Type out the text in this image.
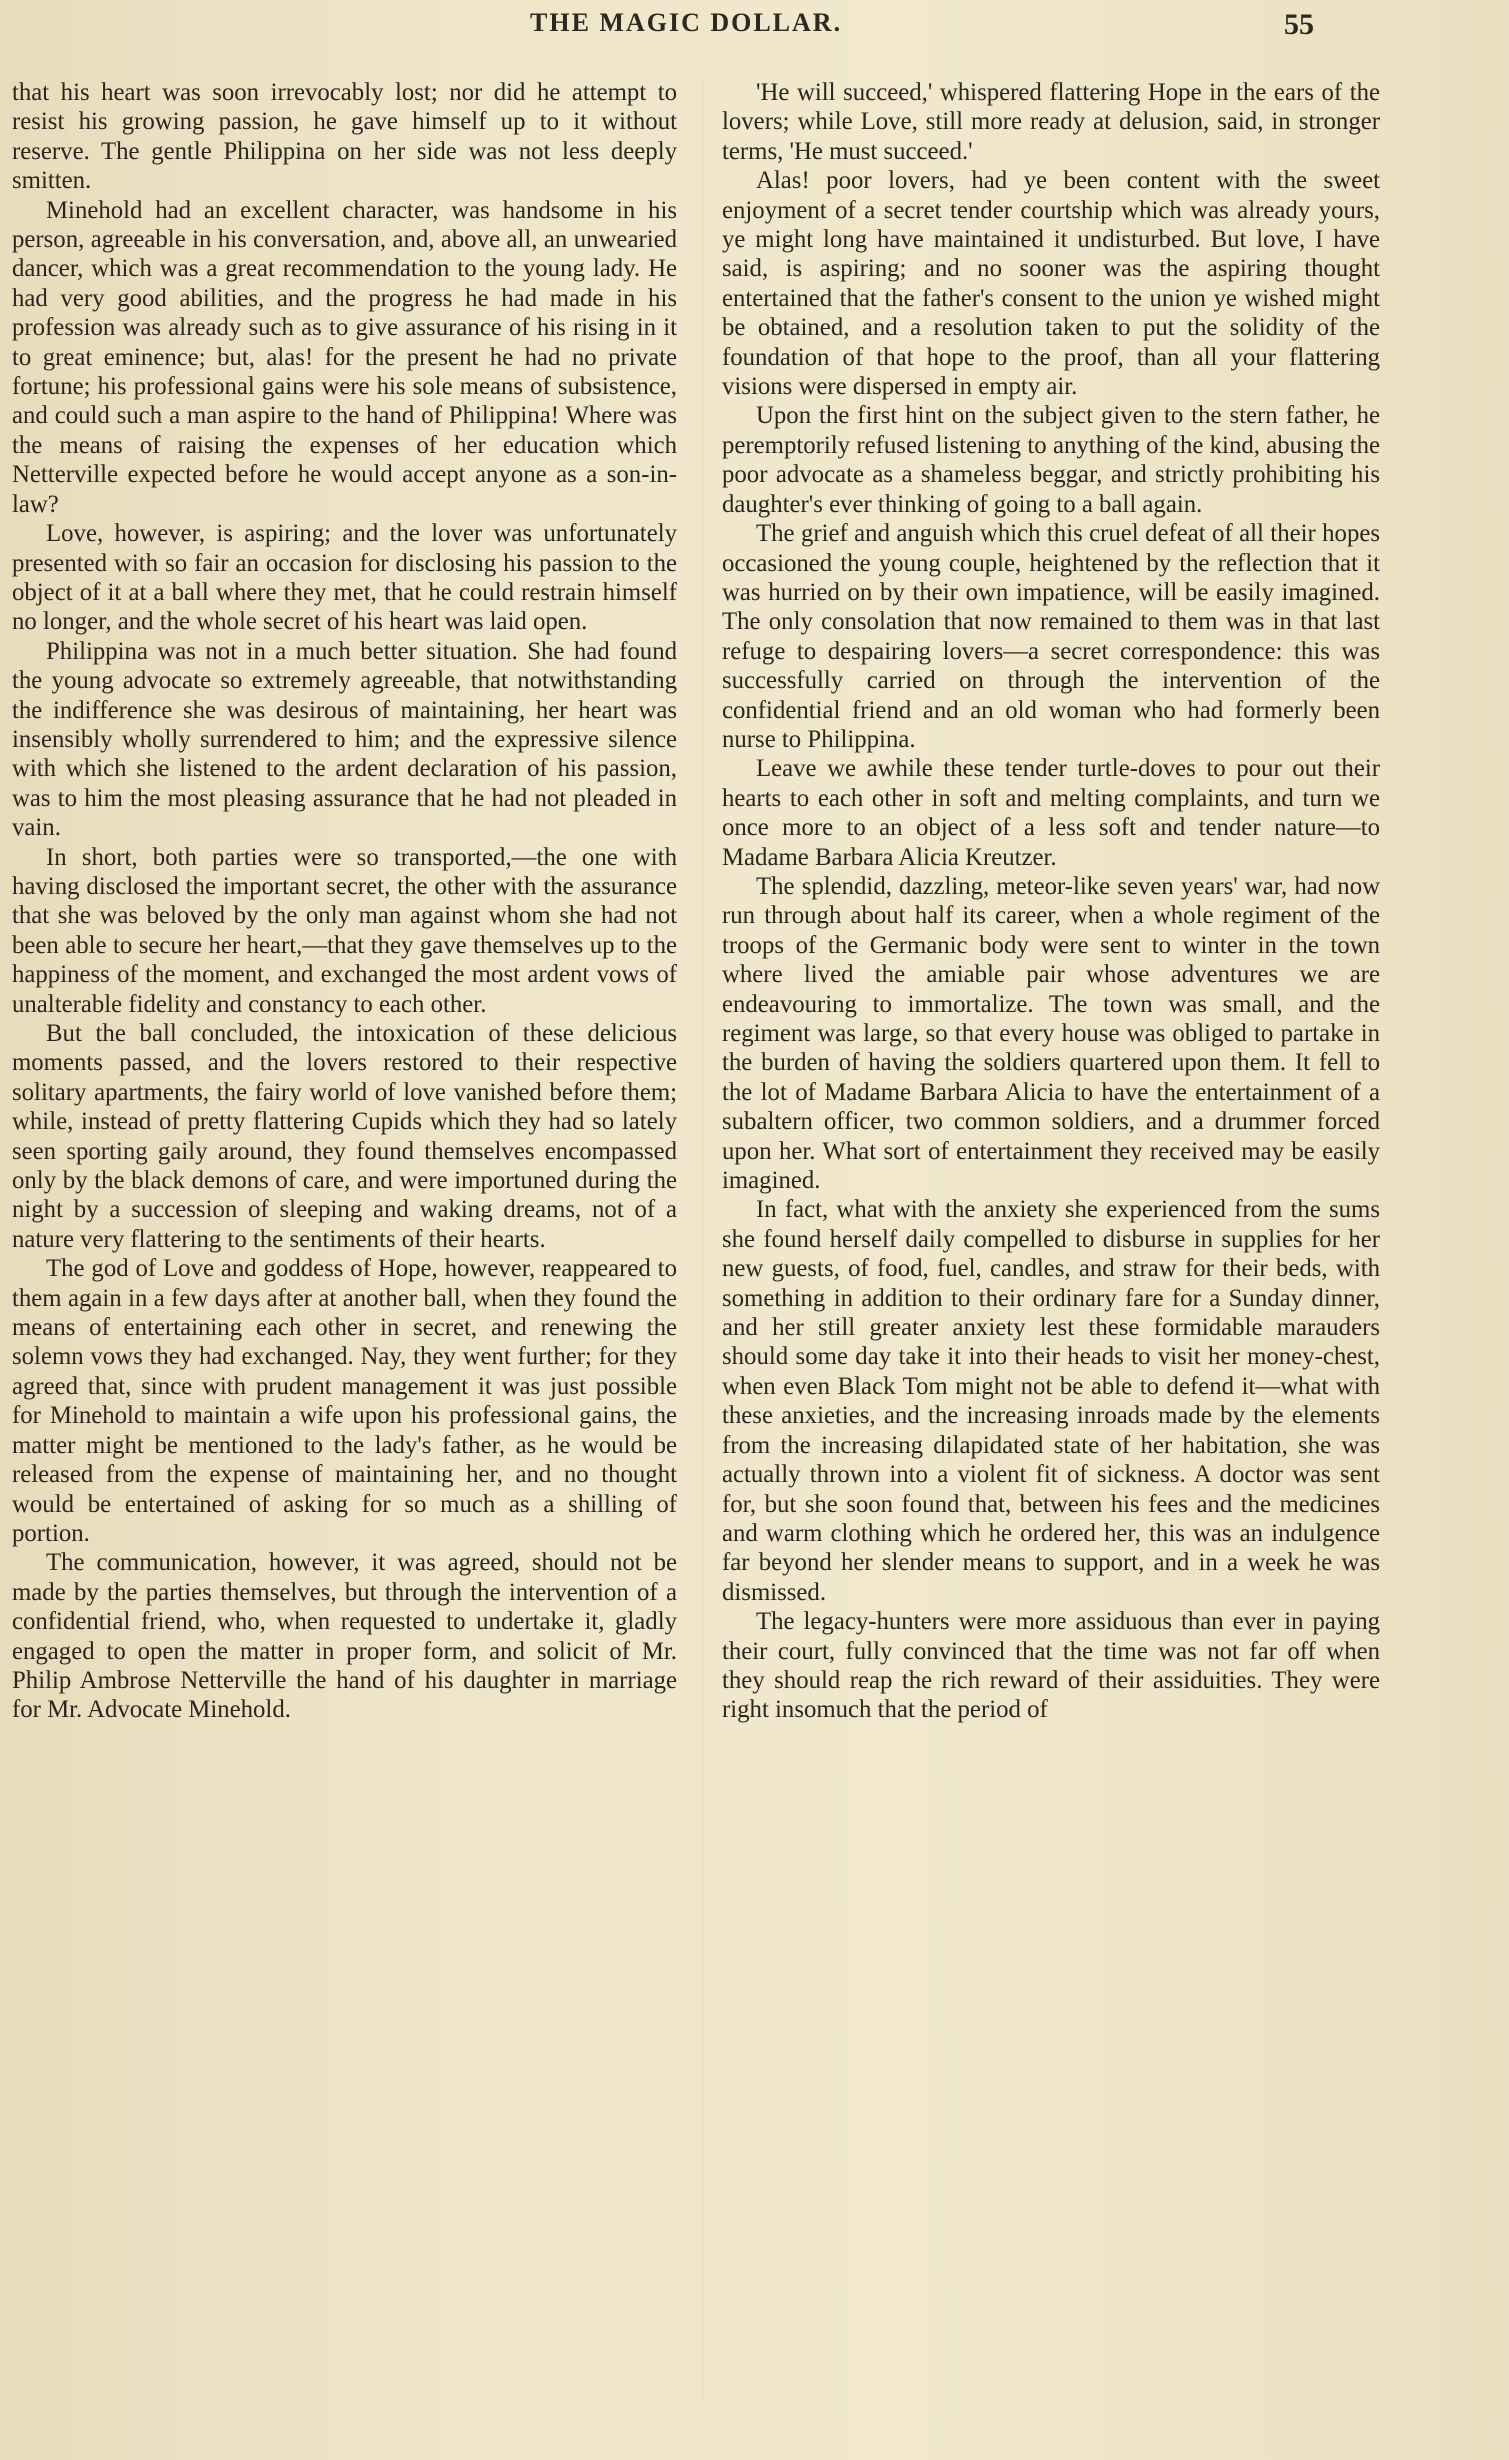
THE MAGIC DOLLAR.	55

that his heart was soon irrevocably lost; nor did he attempt to resist his growing passion, he gave himself up to it without reserve. The gentle Philippina on her side was not less deeply smitten.

Minehold had an excellent character, was handsome in his person, agreeable in his conversation, and, above all, an unwearied dancer, which was a great recommendation to the young lady. He had very good abilities, and the progress he had made in his profession was already such as to give assurance of his rising in it to great eminence; but, alas! for the present he had no private fortune; his professional gains were his sole means of subsistence, and could such a man aspire to the hand of Philippina! Where was the means of raising the expenses of her education which Netterville expected before he would accept anyone as a son-in-law?

Love, however, is aspiring; and the lover was unfortunately presented with so fair an occasion for disclosing his passion to the object of it at a ball where they met, that he could restrain himself no longer, and the whole secret of his heart was laid open.

Philippina was not in a much better situation. She had found the young advocate so extremely agreeable, that notwithstanding the indifference she was desirous of maintaining, her heart was insensibly wholly surrendered to him; and the expressive silence with which she listened to the ardent declaration of his passion, was to him the most pleasing assurance that he had not pleaded in vain.

In short, both parties were so transported,—the one with having disclosed the important secret, the other with the assurance that she was beloved by the only man against whom she had not been able to secure her heart,—that they gave themselves up to the happiness of the moment, and exchanged the most ardent vows of unalterable fidelity and constancy to each other.

But the ball concluded, the intoxication of these delicious moments passed, and the lovers restored to their respective solitary apartments, the fairy world of love vanished before them; while, instead of pretty flattering Cupids which they had so lately seen sporting gaily around, they found themselves encompassed only by the black demons of care, and were importuned during the night by a succession of sleeping and waking dreams, not of a nature very flattering to the sentiments of their hearts.

The god of Love and goddess of Hope, however, reappeared to them again in a few days after at another ball, when they found the means of entertaining each other in secret, and renewing the solemn vows they had exchanged. Nay, they went further; for they agreed that, since with prudent management it was just possible for Minehold to maintain a wife upon his professional gains, the matter might be mentioned to the lady's father, as he would be released from the expense of maintaining her, and no thought would be entertained of asking for so much as a shilling of portion.

The communication, however, it was agreed, should not be made by the parties themselves, but through the intervention of a confidential friend, who, when requested to undertake it, gladly engaged to open the matter in proper form, and solicit of Mr. Philip Ambrose Netterville the hand of his daughter in marriage for Mr. Advocate Minehold.

'He will succeed,' whispered flattering Hope in the ears of the lovers; while Love, still more ready at delusion, said, in stronger terms, 'He must succeed.'

Alas! poor lovers, had ye been content with the sweet enjoyment of a secret tender courtship which was already yours, ye might long have maintained it undisturbed. But love, I have said, is aspiring; and no sooner was the aspiring thought entertained that the father's consent to the union ye wished might be obtained, and a resolution taken to put the solidity of the foundation of that hope to the proof, than all your flattering visions were dispersed in empty air.

Upon the first hint on the subject given to the stern father, he peremptorily refused listening to anything of the kind, abusing the poor advocate as a shameless beggar, and strictly prohibiting his daughter's ever thinking of going to a ball again.

The grief and anguish which this cruel defeat of all their hopes occasioned the young couple, heightened by the reflection that it was hurried on by their own impatience, will be easily imagined. The only consolation that now remained to them was in that last refuge to despairing lovers—a secret correspondence: this was successfully carried on through the intervention of the confidential friend and an old woman who had formerly been nurse to Philippina.

Leave we awhile these tender turtle-doves to pour out their hearts to each other in soft and melting complaints, and turn we once more to an object of a less soft and tender nature—to Madame Barbara Alicia Kreutzer.

The splendid, dazzling, meteor-like seven years' war, had now run through about half its career, when a whole regiment of the troops of the Germanic body were sent to winter in the town where lived the amiable pair whose adventures we are endeavouring to immortalize. The town was small, and the regiment was large, so that every house was obliged to partake in the burden of having the soldiers quartered upon them. It fell to the lot of Madame Barbara Alicia to have the entertainment of a subaltern officer, two common soldiers, and a drummer forced upon her. What sort of entertainment they received may be easily imagined.

In fact, what with the anxiety she experienced from the sums she found herself daily compelled to disburse in supplies for her new guests, of food, fuel, candles, and straw for their beds, with something in addition to their ordinary fare for a Sunday dinner, and her still greater anxiety lest these formidable marauders should some day take it into their heads to visit her money-chest, when even Black Tom might not be able to defend it—what with these anxieties, and the increasing inroads made by the elements from the increasing dilapidated state of her habitation, she was actually thrown into a violent fit of sickness. A doctor was sent for, but she soon found that, between his fees and the medicines and warm clothing which he ordered her, this was an indulgence far beyond her slender means to support, and in a week he was dismissed.

The legacy-hunters were more assiduous than ever in paying their court, fully convinced that the time was not far off when they should reap the rich reward of their assiduities. They were right insomuch that the period of
